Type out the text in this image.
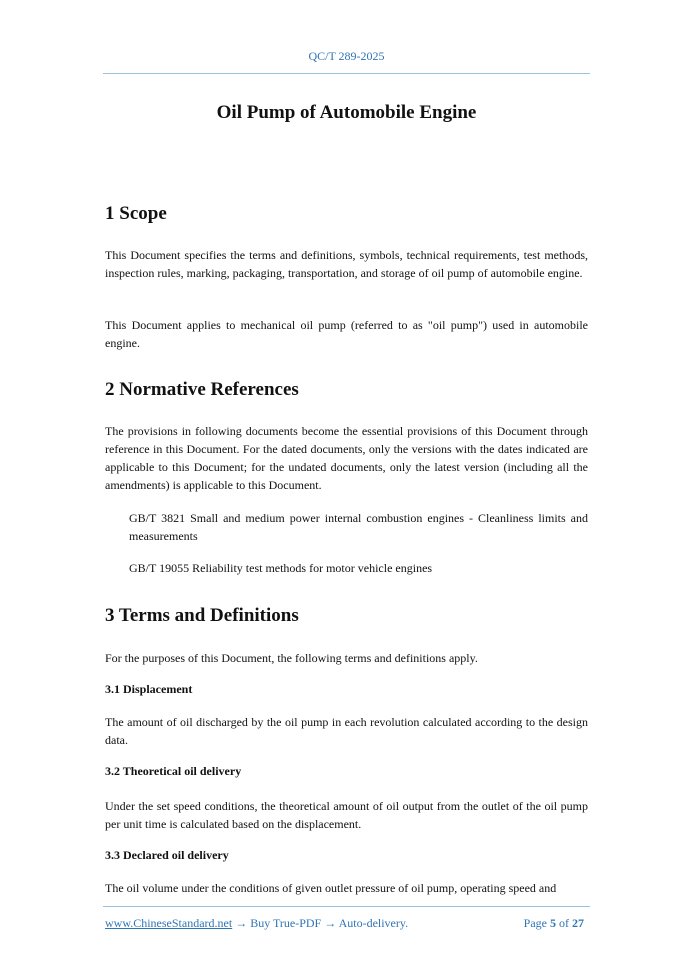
QC/T 289-2025
Oil Pump of Automobile Engine
1 Scope
This Document specifies the terms and definitions, symbols, technical requirements, test methods, inspection rules, marking, packaging, transportation, and storage of oil pump of automobile engine.
This Document applies to mechanical oil pump (referred to as "oil pump") used in automobile engine.
2 Normative References
The provisions in following documents become the essential provisions of this Document through reference in this Document. For the dated documents, only the versions with the dates indicated are applicable to this Document; for the undated documents, only the latest version (including all the amendments) is applicable to this Document.
GB/T 3821 Small and medium power internal combustion engines - Cleanliness limits and measurements
GB/T 19055 Reliability test methods for motor vehicle engines
3 Terms and Definitions
For the purposes of this Document, the following terms and definitions apply.
3.1 Displacement
The amount of oil discharged by the oil pump in each revolution calculated according to the design data.
3.2 Theoretical oil delivery
Under the set speed conditions, the theoretical amount of oil output from the outlet of the oil pump per unit time is calculated based on the displacement.
3.3 Declared oil delivery
The oil volume under the conditions of given outlet pressure of oil pump, operating speed and
www.ChineseStandard.net → Buy True-PDF → Auto-delivery.	Page 5 of 27
